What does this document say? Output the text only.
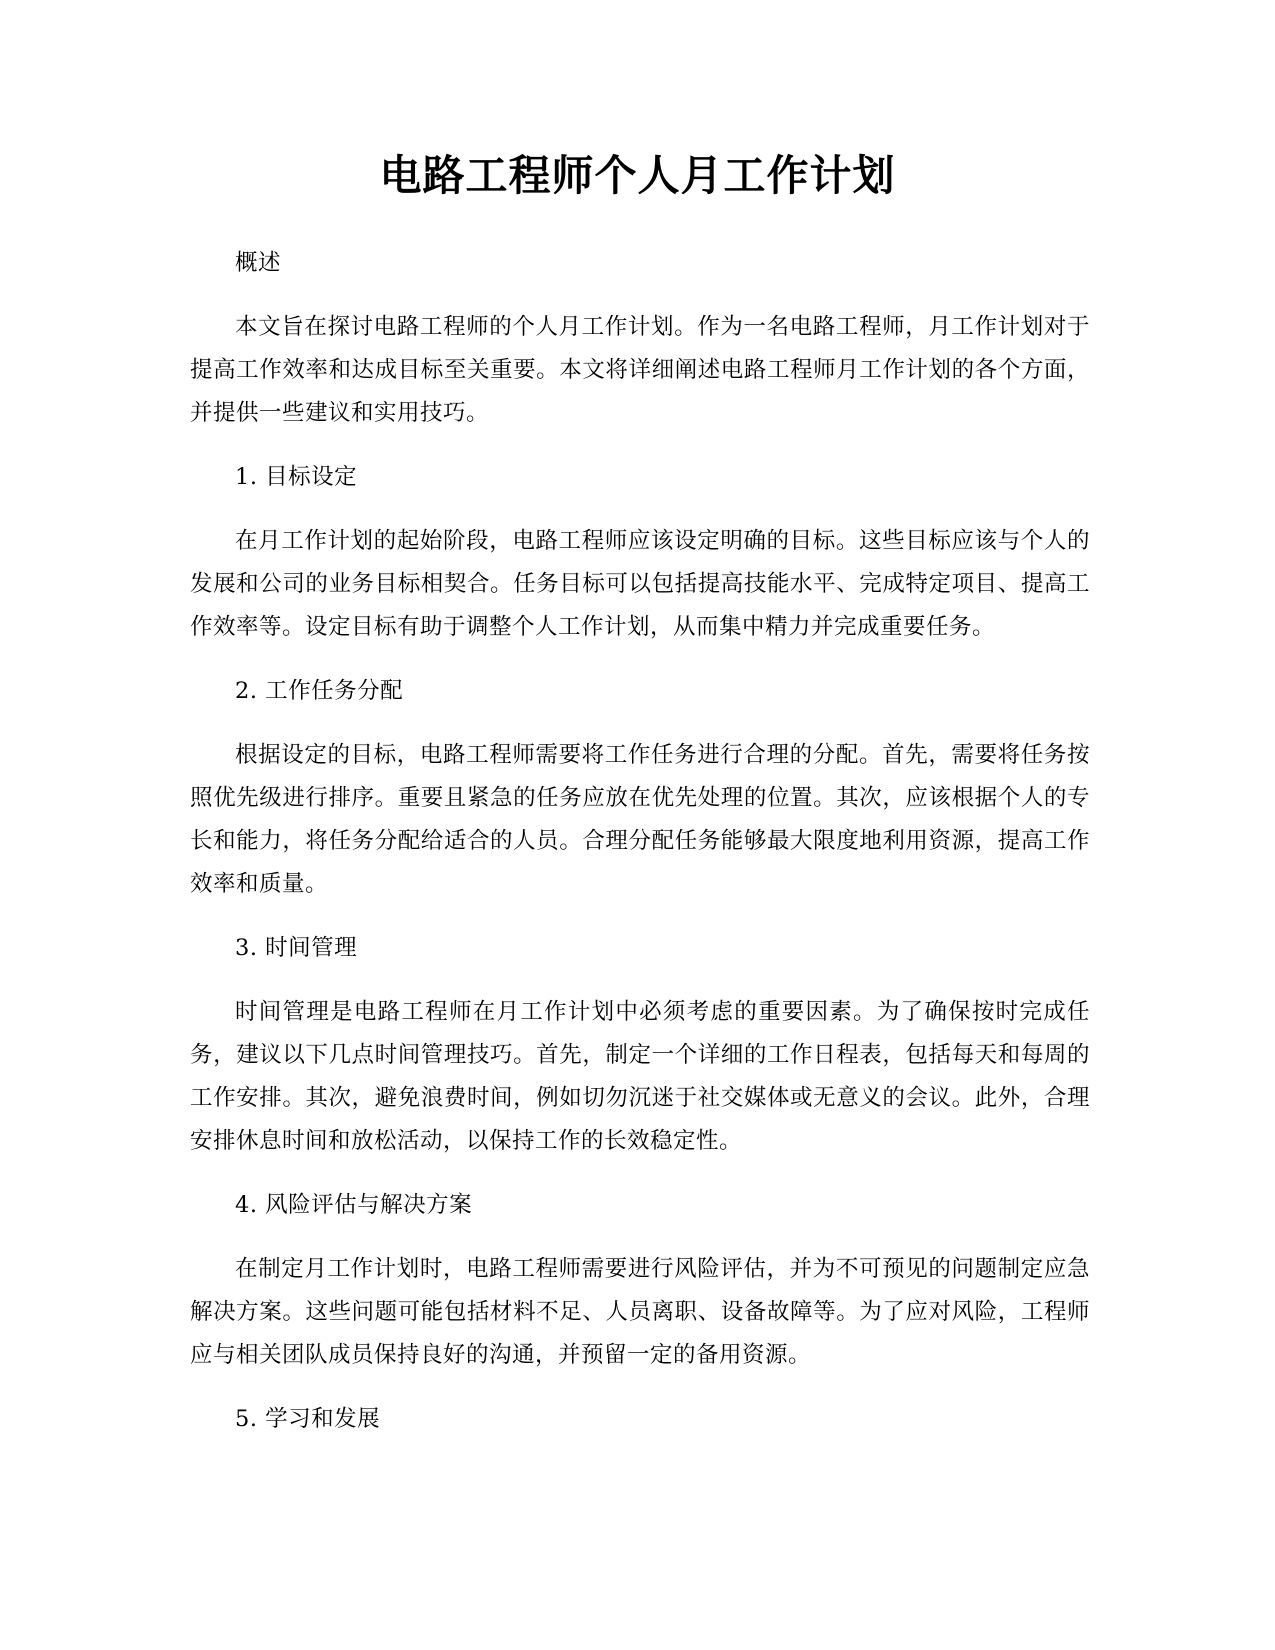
电路工程师个人月工作计划

概述

本文旨在探讨电路工程师的个人月工作计划。作为一名电路工程师，月工作计划对于提高工作效率和达成目标至关重要。本文将详细阐述电路工程师月工作计划的各个方面，并提供一些建议和实用技巧。

1. 目标设定

在月工作计划的起始阶段，电路工程师应该设定明确的目标。这些目标应该与个人的发展和公司的业务目标相契合。任务目标可以包括提高技能水平、完成特定项目、提高工作效率等。设定目标有助于调整个人工作计划，从而集中精力并完成重要任务。

2. 工作任务分配

根据设定的目标，电路工程师需要将工作任务进行合理的分配。首先，需要将任务按照优先级进行排序。重要且紧急的任务应放在优先处理的位置。其次，应该根据个人的专长和能力，将任务分配给适合的人员。合理分配任务能够最大限度地利用资源，提高工作效率和质量。

3. 时间管理

时间管理是电路工程师在月工作计划中必须考虑的重要因素。为了确保按时完成任务，建议以下几点时间管理技巧。首先，制定一个详细的工作日程表，包括每天和每周的工作安排。其次，避免浪费时间，例如切勿沉迷于社交媒体或无意义的会议。此外，合理安排休息时间和放松活动，以保持工作的长效稳定性。

4. 风险评估与解决方案

在制定月工作计划时，电路工程师需要进行风险评估，并为不可预见的问题制定应急解决方案。这些问题可能包括材料不足、人员离职、设备故障等。为了应对风险，工程师应与相关团队成员保持良好的沟通，并预留一定的备用资源。

5. 学习和发展
